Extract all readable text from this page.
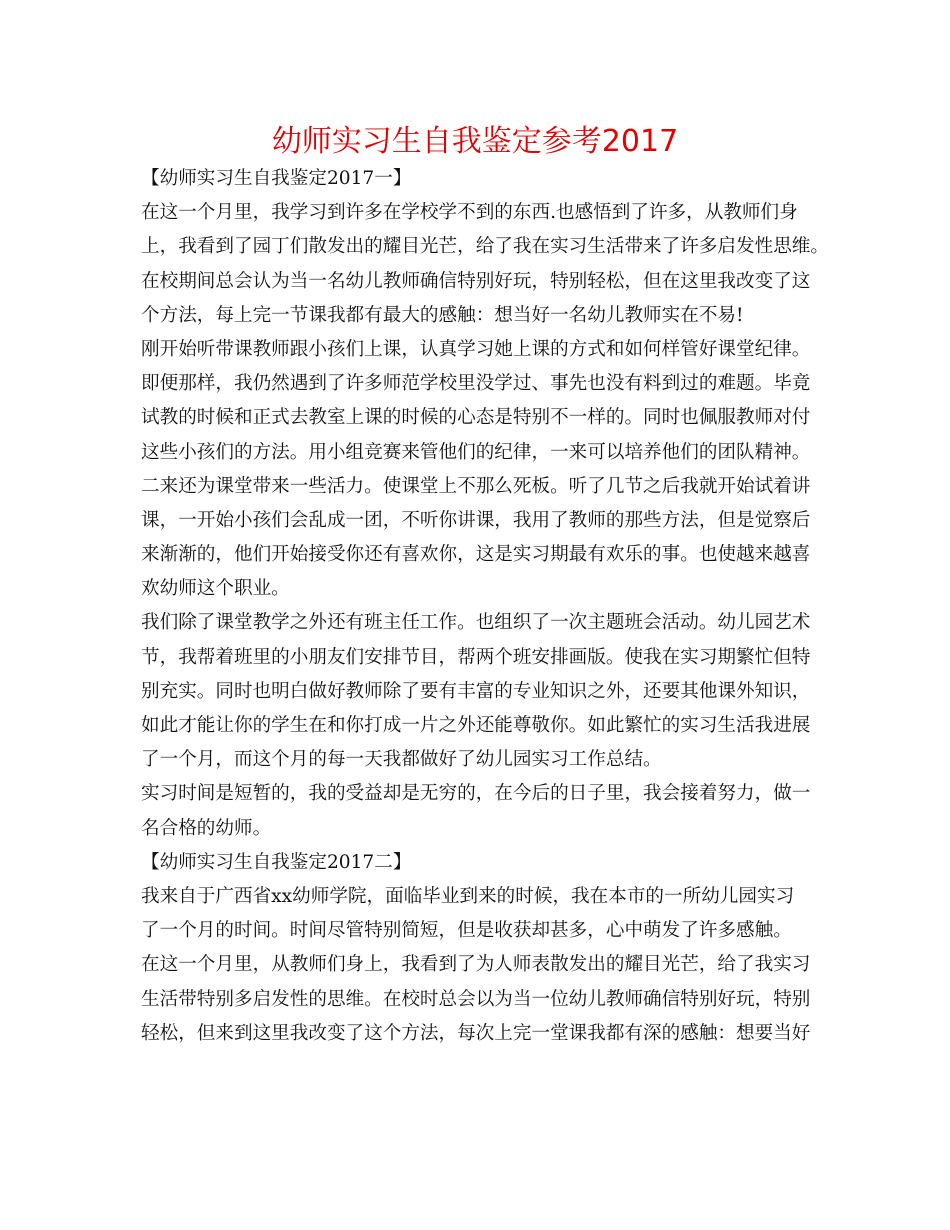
幼师实习生自我鉴定参考2017
【幼师实习生自我鉴定2017一】
在这一个月里，我学习到许多在学校学不到的东西.也感悟到了许多，从教师们身
上，我看到了园丁们散发出的耀目光芒，给了我在实习生活带来了许多启发性思维。
在校期间总会认为当一名幼儿教师确信特别好玩，特别轻松，但在这里我改变了这
个方法，每上完一节课我都有最大的感触：想当好一名幼儿教师实在不易!
刚开始听带课教师跟小孩们上课，认真学习她上课的方式和如何样管好课堂纪律。
即便那样，我仍然遇到了许多师范学校里没学过、事先也没有料到过的难题。毕竟
试教的时候和正式去教室上课的时候的心态是特别不一样的。同时也佩服教师对付
这些小孩们的方法。用小组竞赛来管他们的纪律，一来可以培养他们的团队精神。
二来还为课堂带来一些活力。使课堂上不那么死板。听了几节之后我就开始试着讲
课，一开始小孩们会乱成一团，不听你讲课，我用了教师的那些方法，但是觉察后
来渐渐的，他们开始接受你还有喜欢你，这是实习期最有欢乐的事。也使越来越喜
欢幼师这个职业。
我们除了课堂教学之外还有班主任工作。也组织了一次主题班会活动。幼儿园艺术
节，我帮着班里的小朋友们安排节目，帮两个班安排画版。使我在实习期繁忙但特
别充实。同时也明白做好教师除了要有丰富的专业知识之外，还要其他课外知识，
如此才能让你的学生在和你打成一片之外还能尊敬你。如此繁忙的实习生活我进展
了一个月，而这个月的每一天我都做好了幼儿园实习工作总结。
实习时间是短暂的，我的受益却是无穷的，在今后的日子里，我会接着努力，做一
名合格的幼师。
【幼师实习生自我鉴定2017二】
我来自于广西省xx幼师学院，面临毕业到来的时候，我在本市的一所幼儿园实习
了一个月的时间。时间尽管特别简短，但是收获却甚多，心中萌发了许多感触。
在这一个月里，从教师们身上，我看到了为人师表散发出的耀目光芒，给了我实习
生活带特别多启发性的思维。在校时总会以为当一位幼儿教师确信特别好玩，特别
轻松，但来到这里我改变了这个方法，每次上完一堂课我都有深的感触：想要当好
